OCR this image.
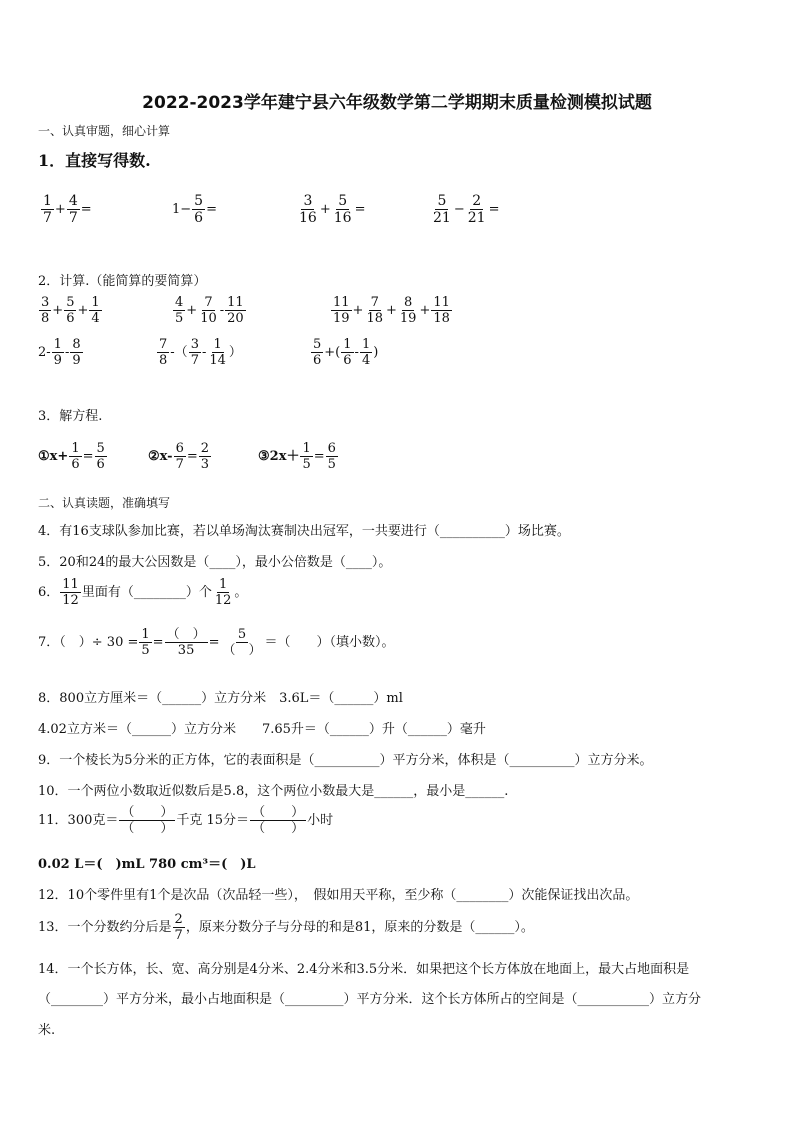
2022-2023学年建宁县六年级数学第二学期期末质量检测模拟试题
一、认真审题，细心计算
1．直接写得数.
$\frac{1}{7} + \frac{4}{7}$ =	$1- \frac{5}{6}$ =	$\frac{3}{16} + \frac{5}{16}$ =	$\frac{5}{21} - \frac{2}{21}$ =
2．计算.（能简算的要简算）
$\frac{3}{8} + \frac{5}{6} + \frac{1}{4}$	$\frac{4}{5} + \frac{7}{10} - \frac{11}{20}$	$\frac{11}{19} + \frac{7}{18} + \frac{8}{19} + \frac{11}{18}$
$2- \frac{1}{9} - \frac{8}{9}$	$\frac{7}{8}$ -（ $\frac{3}{7} - \frac{1}{14}$ ）	$\frac{5}{6}$ +( $\frac{1}{6} - \frac{1}{4}$ )
3．解方程.
①x+ $\frac{1}{6} = \frac{5}{6}$	②x- $\frac{6}{7} = \frac{2}{3}$	③2x＋ $\frac{1}{5} = \frac{6}{5}$
二、认真读题，准确填写
4．有16支球队参加比赛，若以单场淘汰赛制决出冠军，一共要进行（__________）场比赛。
5．20和24的最大公因数是（____），最小公倍数是（____）。
6． $\frac{11}{12}$ 里面有（________）个 $\frac{1}{12}$ 。
7．（　）÷ $30 = \frac{1}{5} = \frac{( )}{35} = \frac{5}{( )}$ ＝（　　）（填小数）。
8．800立方厘米＝（______）立方分米　3.6L＝（______）ml
4.02立方米＝（______）立方分米　　7.65升＝（______）升（______）毫升
9．一个棱长为5分米的正方体，它的表面积是（__________）平方分米，体积是（__________）立方分米。
10．一个两位小数取近似数后是5.8，这个两位小数最大是______，最小是______.
11．300克＝ $\frac{( )}{( )}$ 千克 15分＝ $\frac{( )}{( )}$ 小时
0.02 L＝(　)mL 780 cm³＝(　)L
12．10个零件里有1个是次品（次品轻一些），　假如用天平称，至少称（________）次能保证找出次品。
13．一个分数约分后是 $\frac{2}{7}$ ，原来分数分子与分母的和是81，原来的分数是（______）。
14．一个长方体，长、宽、高分别是4分米、2.4分米和3.5分米．如果把这个长方体放在地面上，最大占地面积是
（________）平方分米，最小占地面积是（_________）平方分米．这个长方体所占的空间是（___________）立方分
米.
